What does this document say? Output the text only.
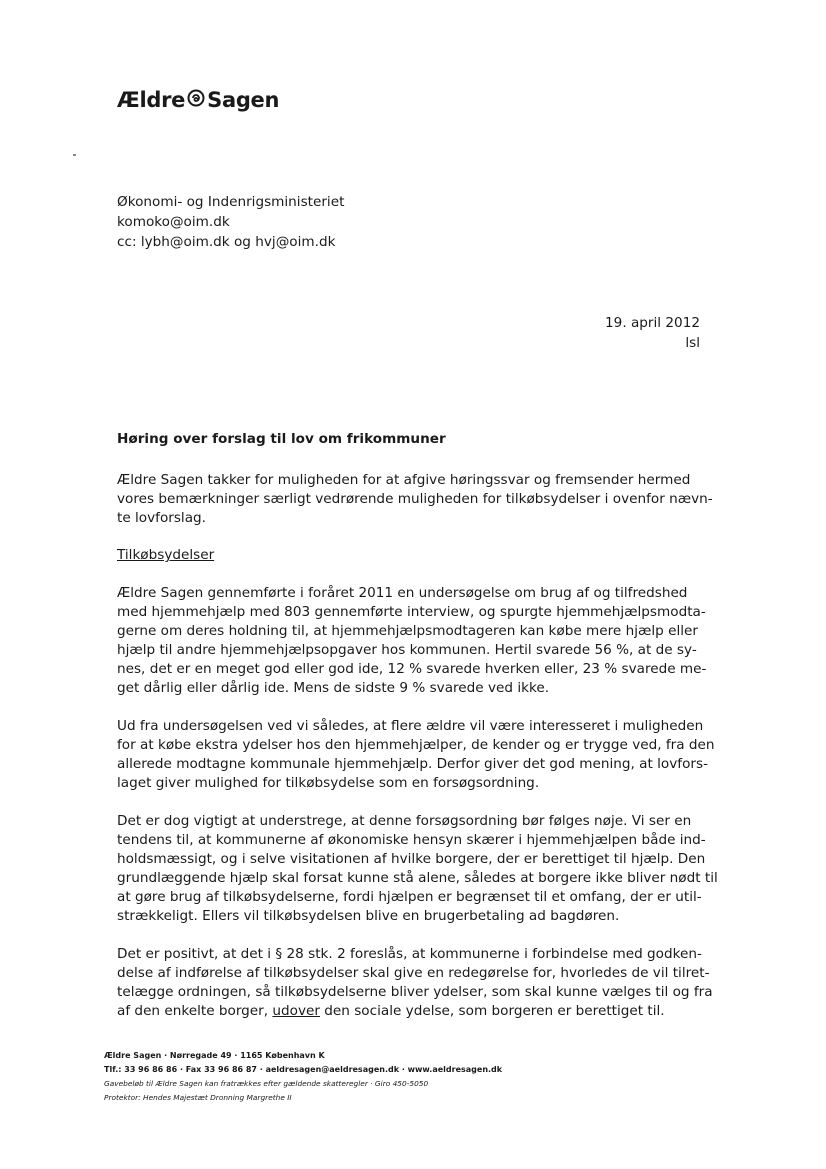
Ældre Sagen
Økonomi- og Indenrigsministeriet
komoko@oim.dk
cc: lybh@oim.dk og hvj@oim.dk
19. april 2012
lsl
Høring over forslag til lov om frikommuner
Ældre Sagen takker for muligheden for at afgive høringssvar og fremsender hermed
vores bemærkninger særligt vedrørende muligheden for tilkøbsydelser i ovenfor nævn-
te lovforslag.
Tilkøbsydelser
Ældre Sagen gennemførte i foråret 2011 en undersøgelse om brug af og tilfredshed
med hjemmehjælp med 803 gennemførte interview, og spurgte hjemmehjælpsmodta-
gerne om deres holdning til, at hjemmehjælpsmodtageren kan købe mere hjælp eller
hjælp til andre hjemmehjælpsopgaver hos kommunen. Hertil svarede 56 %, at de sy-
nes, det er en meget god eller god ide, 12 % svarede hverken eller, 23 % svarede me-
get dårlig eller dårlig ide. Mens de sidste 9 % svarede ved ikke.
Ud fra undersøgelsen ved vi således, at flere ældre vil være interesseret i muligheden
for at købe ekstra ydelser hos den hjemmehjælper, de kender og er trygge ved, fra den
allerede modtagne kommunale hjemmehjælp. Derfor giver det god mening, at lovfors-
laget giver mulighed for tilkøbsydelse som en forsøgsordning.
Det er dog vigtigt at understrege, at denne forsøgsordning bør følges nøje. Vi ser en
tendens til, at kommunerne af økonomiske hensyn skærer i hjemmehjælpen både ind-
holdsmæssigt, og i selve visitationen af hvilke borgere, der er berettiget til hjælp. Den
grundlæggende hjælp skal forsat kunne stå alene, således at borgere ikke bliver nødt til
at gøre brug af tilkøbsydelserne, fordi hjælpen er begrænset til et omfang, der er util-
strækkeligt. Ellers vil tilkøbsydelsen blive en brugerbetaling ad bagdøren.
Det er positivt, at det i § 28 stk. 2 foreslås, at kommunerne i forbindelse med godken-
delse af indførelse af tilkøbsydelser skal give en redegørelse for, hvorledes de vil tilret-
telægge ordningen, så tilkøbsydelserne bliver ydelser, som skal kunne vælges til og fra
af den enkelte borger, udover den sociale ydelse, som borgeren er berettiget til.
Ældre Sagen · Nørregade 49 · 1165 København K
Tlf.: 33 96 86 86 · Fax 33 96 86 87 · aeldresagen@aeldresagen.dk · www.aeldresagen.dk
Gavebeløb til Ældre Sagen kan fratrækkes efter gældende skatteregler · Giro 450-5050
Protektor: Hendes Majestæt Dronning Margrethe II
